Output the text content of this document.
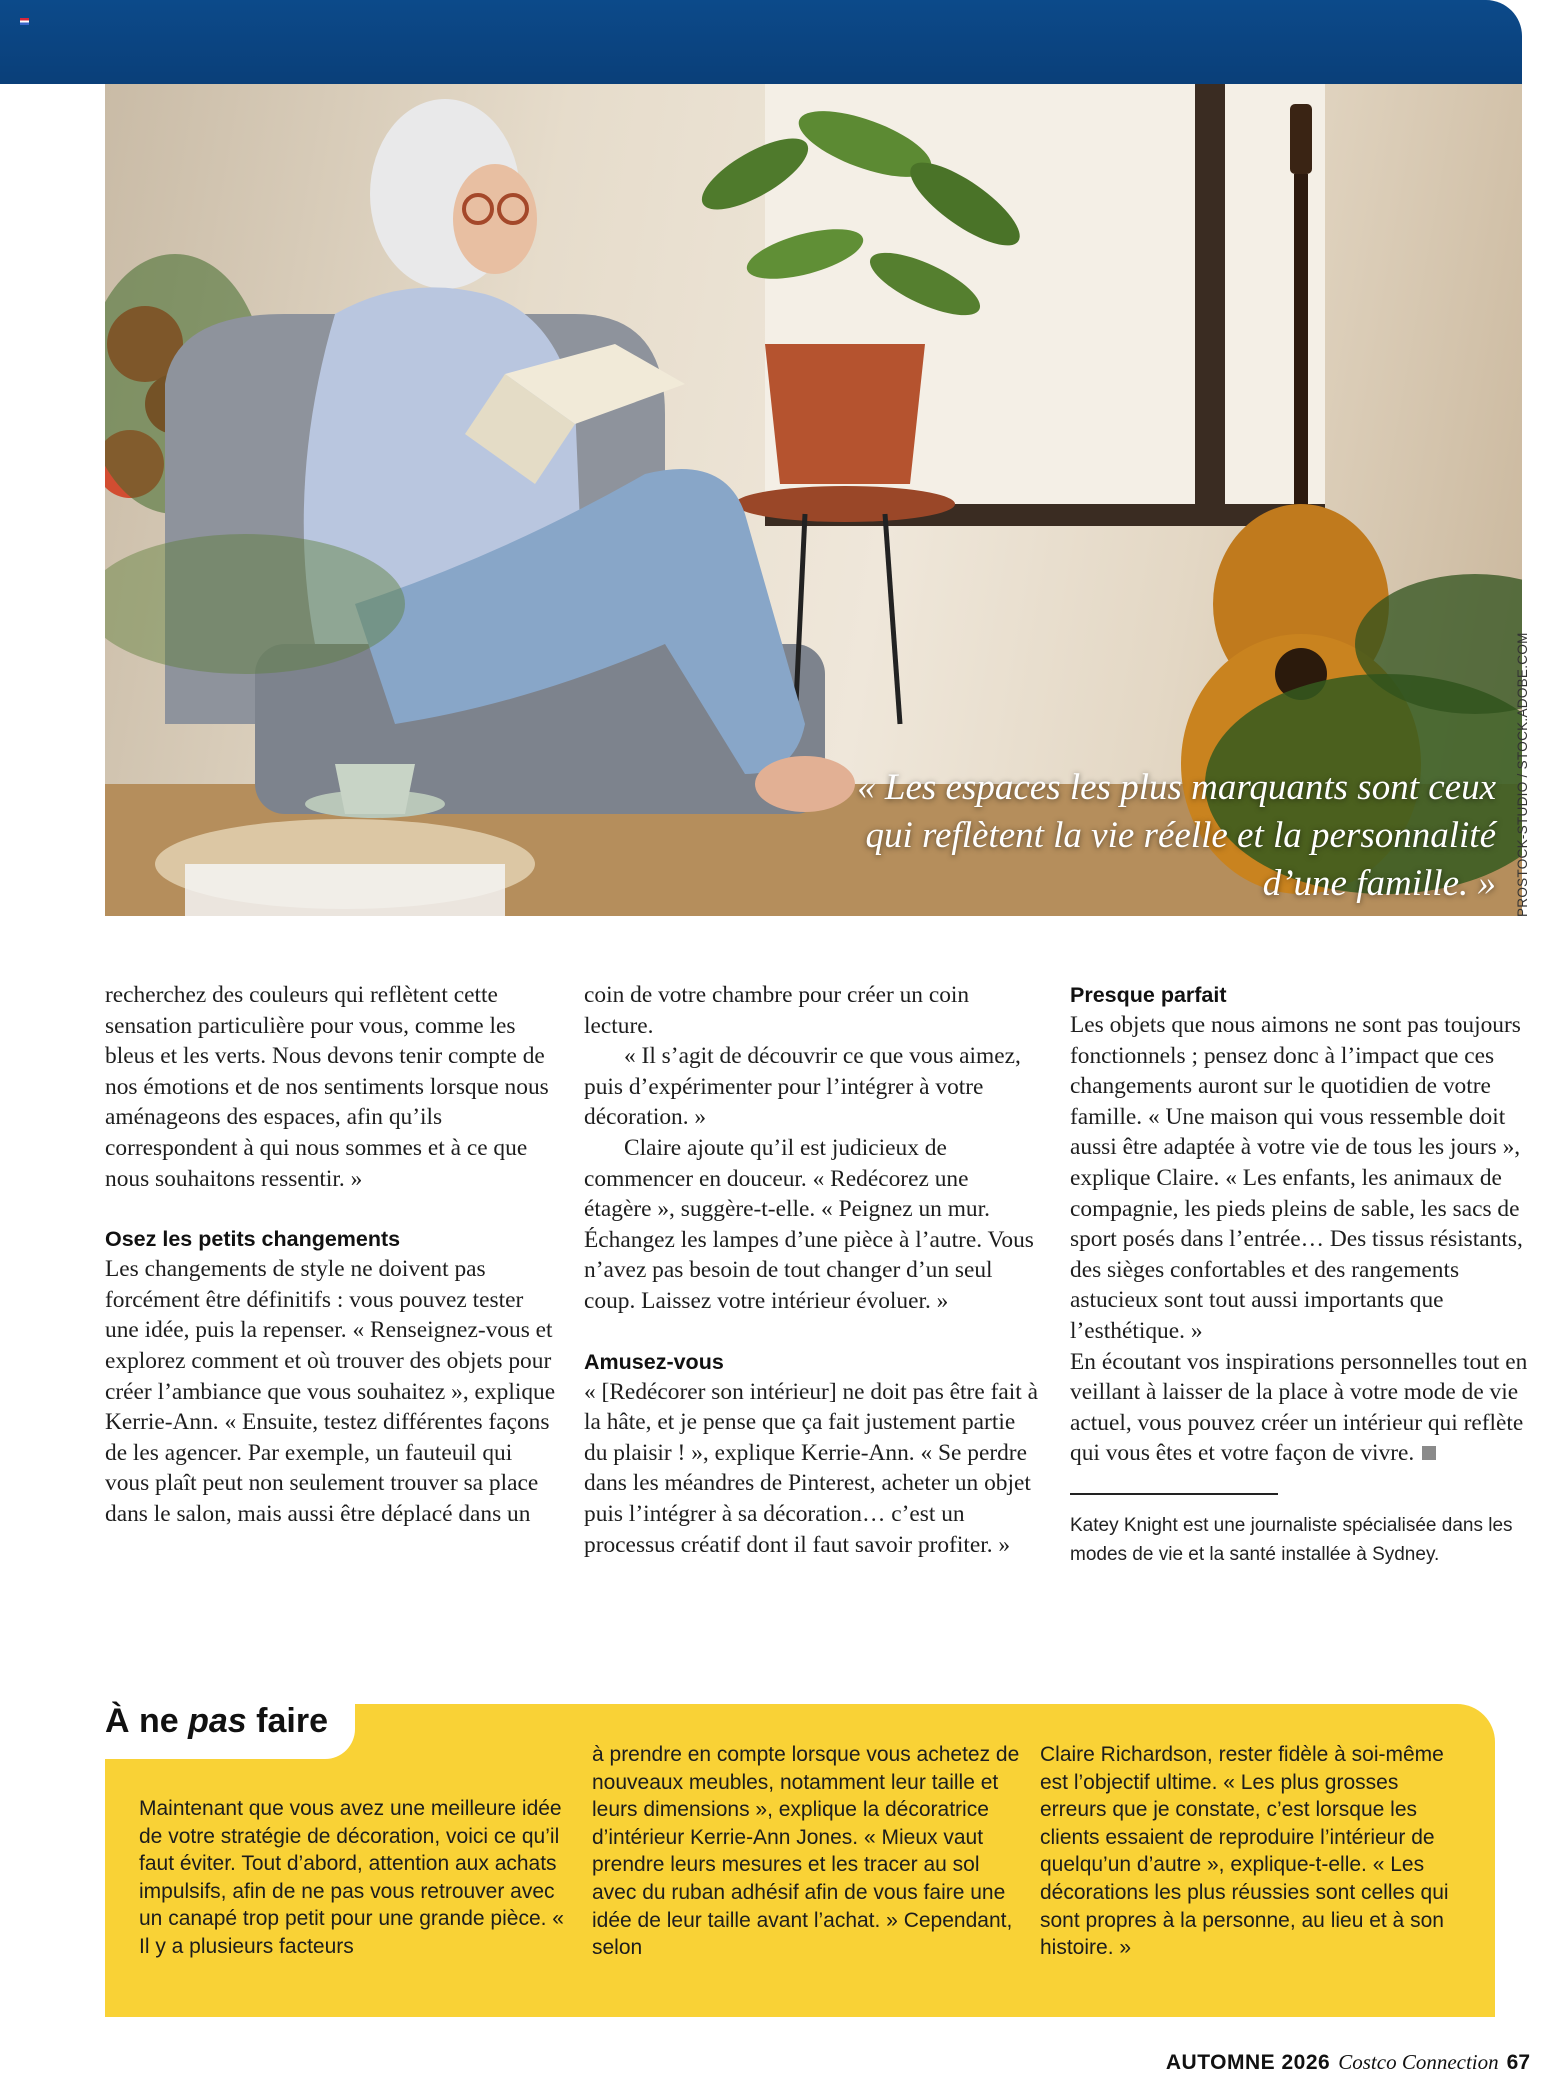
« Les espaces les plus marquants sont ceux qui reflètent la vie réelle et la personnalité d’une famille. » PROSTOCK-STUDIO / STOCK.ADOBE.COM

recherchez des couleurs qui reflètent cette sensation particulière pour vous, comme les bleus et les verts. Nous devons tenir compte de nos émotions et de nos sentiments lorsque nous aménageons des espaces, afin qu’ils correspondent à qui nous sommes et à ce que nous souhaitons ressentir. »

Osez les petits changements

Les changements de style ne doivent pas forcément être définitifs : vous pouvez tester une idée, puis la repenser. « Renseignez-vous et explorez comment et où trouver des objets pour créer l’ambiance que vous souhaitez », explique Kerrie-Ann. « Ensuite, testez différentes façons de les agencer. Par exemple, un fauteuil qui vous plaît peut non seulement trouver sa place dans le salon, mais aussi être déplacé dans un

coin de votre chambre pour créer un coin lecture.

« Il s’agit de découvrir ce que vous aimez, puis d’expérimenter pour l’intégrer à votre décoration. »

Claire ajoute qu’il est judicieux de commencer en douceur. « Redécorez une étagère », suggère-t-elle. « Peignez un mur. Échangez les lampes d’une pièce à l’autre. Vous n’avez pas besoin de tout changer d’un seul coup. Laissez votre intérieur évoluer. »

Amusez-vous

« [Redécorer son intérieur] ne doit pas être fait à la hâte, et je pense que ça fait justement partie du plaisir ! », explique Kerrie-Ann. « Se perdre dans les méandres de Pinterest, acheter un objet puis l’intégrer à sa décoration… c’est un processus créatif dont il faut savoir profiter. »

Presque parfait

Les objets que nous aimons ne sont pas toujours fonctionnels ; pensez donc à l’impact que ces changements auront sur le quotidien de votre famille. « Une maison qui vous ressemble doit aussi être adaptée à votre vie de tous les jours », explique Claire. « Les enfants, les animaux de compagnie, les pieds pleins de sable, les sacs de sport posés dans l’entrée… Des tissus résistants, des sièges confortables et des rangements astucieux sont tout aussi importants que l’esthétique. »

En écoutant vos inspirations personnelles tout en veillant à laisser de la place à votre mode de vie actuel, vous pouvez créer un intérieur qui reflète qui vous êtes et votre façon de vivre.

Katey Knight est une journaliste spécialisée dans les modes de vie et la santé installée à Sydney.
À ne pas faire
Maintenant que vous avez une meilleure idée de votre stratégie de décoration, voici ce qu’il faut éviter. Tout d’abord, attention aux achats impulsifs, afin de ne pas vous retrouver avec un canapé trop petit pour une grande pièce. « Il y a plusieurs facteurs
à prendre en compte lorsque vous achetez de nouveaux meubles, notamment leur taille et leurs dimensions », explique la décoratrice d’intérieur Kerrie-Ann Jones. « Mieux vaut prendre leurs mesures et les tracer au sol avec du ruban adhésif afin de vous faire une idée de leur taille avant l’achat. » Cependant, selon
Claire Richardson, rester fidèle à soi-même est l’objectif ultime. « Les plus grosses erreurs que je constate, c’est lorsque les clients essaient de reproduire l’intérieur de quelqu’un d’autre », explique-t-elle. « Les décorations les plus réussies sont celles qui sont propres à la personne, au lieu et à son histoire. »
AUTOMNE 2026 Costco Connection 67
